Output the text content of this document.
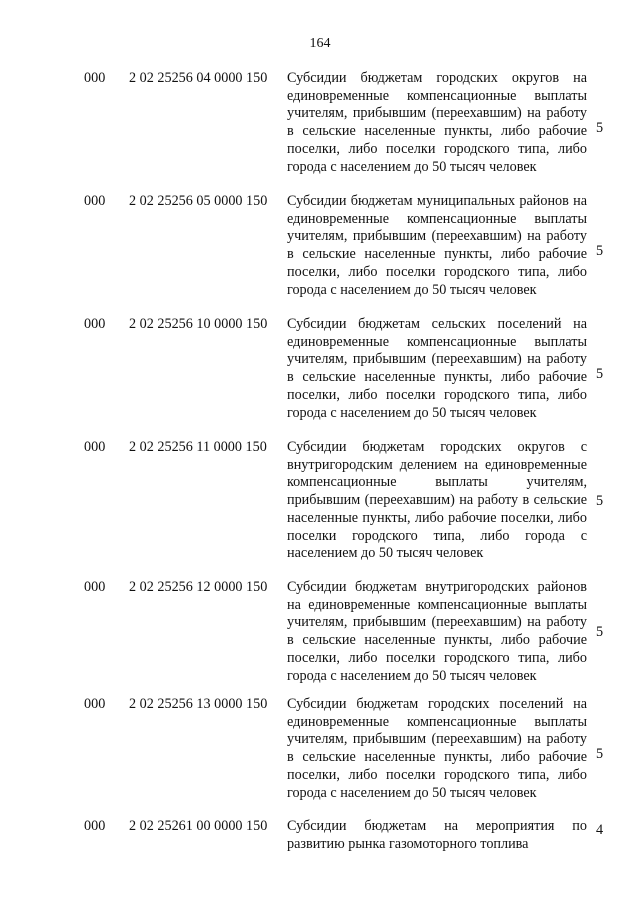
164
000 2 02 25256 04 0000 150 Субсидии бюджетам городских округов на единовременные компенсационные выплаты учителям, прибывшим (переехавшим) на работу в сельские населенные пункты, либо рабочие поселки, либо поселки городского типа, либо города с населением до 50 тысяч человек
5
000 2 02 25256 05 0000 150 Субсидии бюджетам муниципальных районов на единовременные компенсационные выплаты учителям, прибывшим (переехавшим) на работу в сельские населенные пункты, либо рабочие поселки, либо поселки городского типа, либо города с населением до 50 тысяч человек
5
000 2 02 25256 10 0000 150 Субсидии бюджетам сельских поселений на единовременные компенсационные выплаты учителям, прибывшим (переехавшим) на работу в сельские населенные пункты, либо рабочие поселки, либо поселки городского типа, либо города с населением до 50 тысяч человек
5
000 2 02 25256 11 0000 150 Субсидии бюджетам городских округов с внутригородским делением на единовременные компенсационные выплаты учителям, прибывшим (переехавшим) на работу в сельские населенные пункты, либо рабочие поселки, либо поселки городского типа, либо города с населением до 50 тысяч человек
5
000 2 02 25256 12 0000 150 Субсидии бюджетам внутригородских районов на единовременные компенсационные выплаты учителям, прибывшим (переехавшим) на работу в сельские населенные пункты, либо рабочие поселки, либо поселки городского типа, либо города с населением до 50 тысяч человек
5
000 2 02 25256 13 0000 150 Субсидии бюджетам городских поселений на единовременные компенсационные выплаты учителям, прибывшим (переехавшим) на работу в сельские населенные пункты, либо рабочие поселки, либо поселки городского типа, либо города с населением до 50 тысяч человек
5
000 2 02 25261 00 0000 150 Субсидии бюджетам на мероприятия по развитию рынка газомоторного топлива
4
